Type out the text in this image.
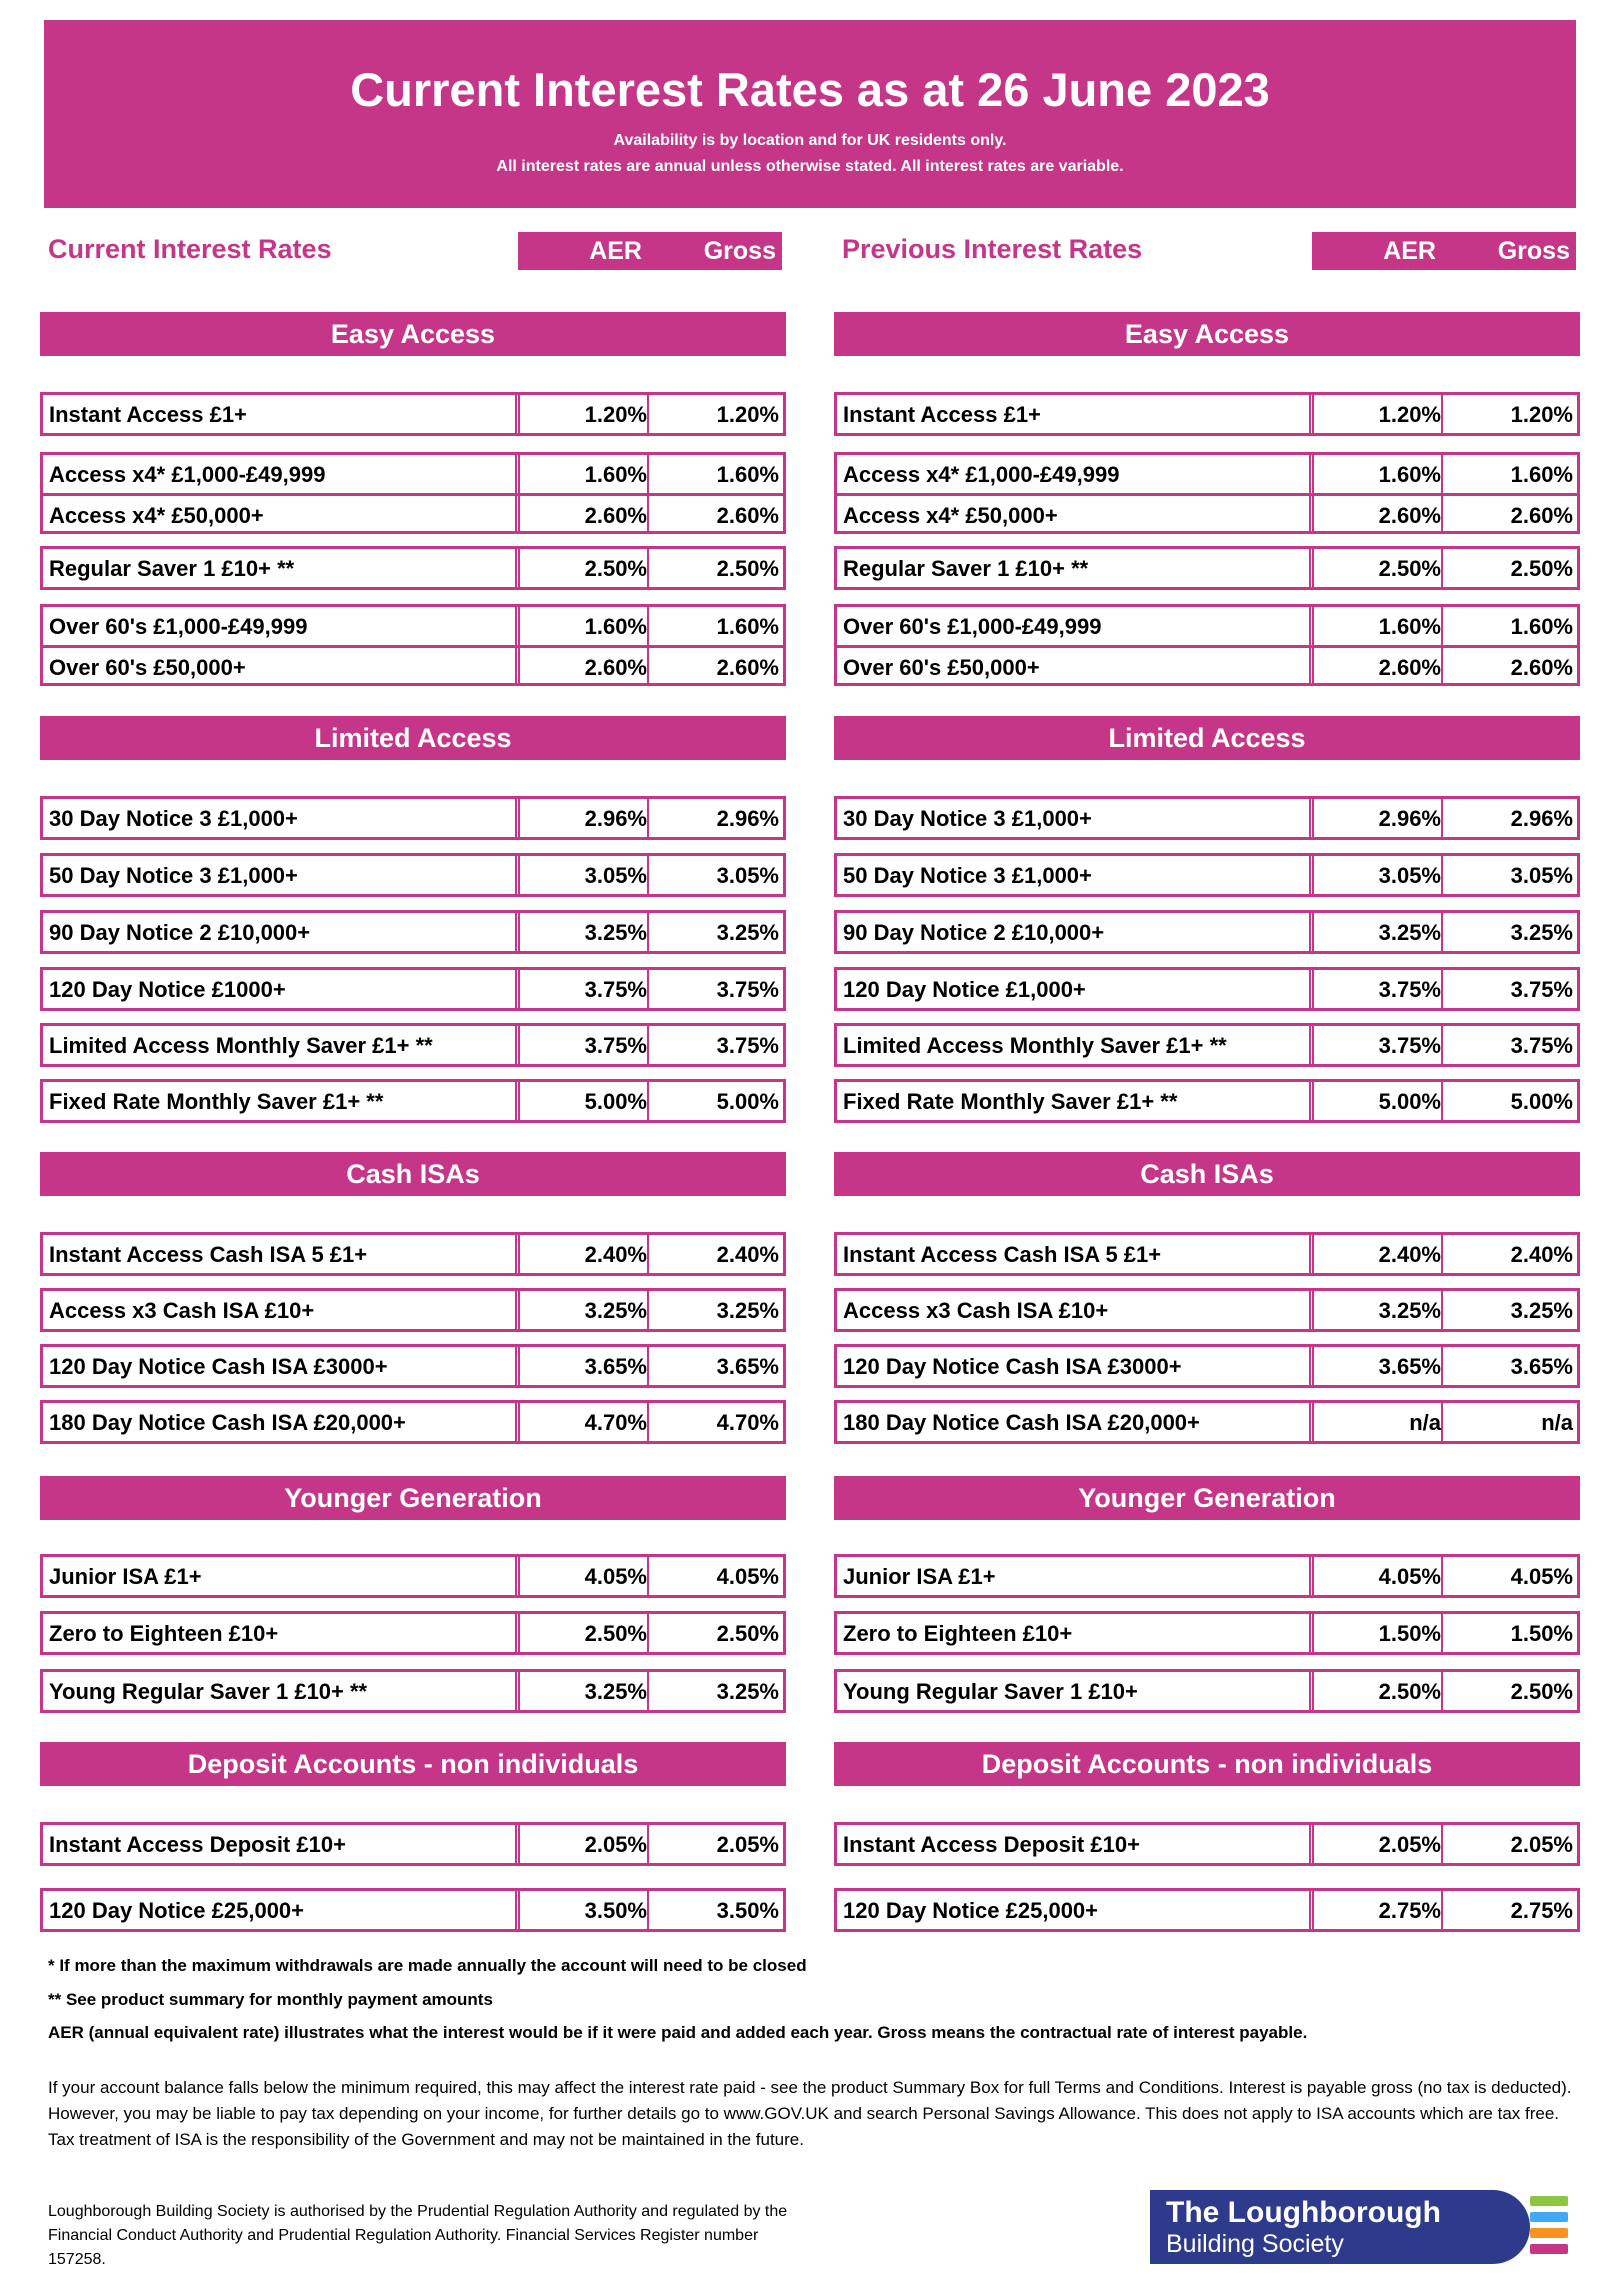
Current Interest Rates as at 26 June 2023
Availability is by location and for UK residents only.
All interest rates are annual unless otherwise stated. All interest rates are variable.
Current Interest Rates	AER Gross
Easy Access
Instant Access £1+	1.20%	1.20%
Access x4* £1,000-£49,999	1.60%	1.60%
Access x4* £50,000+	2.60%	2.60%
Regular Saver 1 £10+ **	2.50%	2.50%
Over 60's £1,000-£49,999	1.60%	1.60%
Over 60's £50,000+	2.60%	2.60%
Limited Access
30 Day Notice 3 £1,000+	2.96%	2.96%
50 Day Notice 3 £1,000+	3.05%	3.05%
90 Day Notice 2 £10,000+	3.25%	3.25%
120 Day Notice £1000+	3.75%	3.75%
Limited Access Monthly Saver £1+ **	3.75%	3.75%
Fixed Rate Monthly Saver £1+ **	5.00%	5.00%
Cash ISAs
Instant Access Cash ISA 5 £1+	2.40%	2.40%
Access x3 Cash ISA £10+	3.25%	3.25%
120 Day Notice Cash ISA £3000+	3.65%	3.65%
180 Day Notice Cash ISA £20,000+	4.70%	4.70%
Younger Generation
Junior ISA £1+	4.05%	4.05%
Zero to Eighteen £10+	2.50%	2.50%
Young Regular Saver 1 £10+ **	3.25%	3.25%
Deposit Accounts - non individuals
Instant Access Deposit £10+	2.05%	2.05%
120 Day Notice £25,000+	3.50%	3.50%
Previous Interest Rates	AER Gross
Easy Access
Instant Access £1+	1.20%	1.20%
Access x4* £1,000-£49,999	1.60%	1.60%
Access x4* £50,000+	2.60%	2.60%
Regular Saver 1 £10+ **	2.50%	2.50%
Over 60's £1,000-£49,999	1.60%	1.60%
Over 60's £50,000+	2.60%	2.60%
Limited Access
30 Day Notice 3 £1,000+	2.96%	2.96%
50 Day Notice 3 £1,000+	3.05%	3.05%
90 Day Notice 2 £10,000+	3.25%	3.25%
120 Day Notice £1,000+	3.75%	3.75%
Limited Access Monthly Saver £1+ **	3.75%	3.75%
Fixed Rate Monthly Saver £1+ **	5.00%	5.00%
Cash ISAs
Instant Access Cash ISA 5 £1+	2.40%	2.40%
Access x3 Cash ISA £10+	3.25%	3.25%
120 Day Notice Cash ISA £3000+	3.65%	3.65%
180 Day Notice Cash ISA £20,000+	n/a	n/a
Younger Generation
Junior ISA £1+	4.05%	4.05%
Zero to Eighteen £10+	1.50%	1.50%
Young Regular Saver 1 £10+	2.50%	2.50%
Deposit Accounts - non individuals
Instant Access Deposit £10+	2.05%	2.05%
120 Day Notice £25,000+	2.75%	2.75%
* If more than the maximum withdrawals are made annually the account will need to be closed
** See product summary for monthly payment amounts
AER (annual equivalent rate) illustrates what the interest would be if it were paid and added each year. Gross means the contractual rate of interest payable.
If your account balance falls below the minimum required, this may affect the interest rate paid - see the product Summary Box for full Terms and Conditions. Interest is payable gross (no tax is deducted). However, you may be liable to pay tax depending on your income, for further details go to www.GOV.UK and search Personal Savings Allowance. This does not apply to ISA accounts which are tax free. Tax treatment of ISA is the responsibility of the Government and may not be maintained in the future.
Loughborough Building Society is authorised by the Prudential Regulation Authority and regulated by the Financial Conduct Authority and Prudential Regulation Authority. Financial Services Register number 157258.
The Loughborough
Building Society
